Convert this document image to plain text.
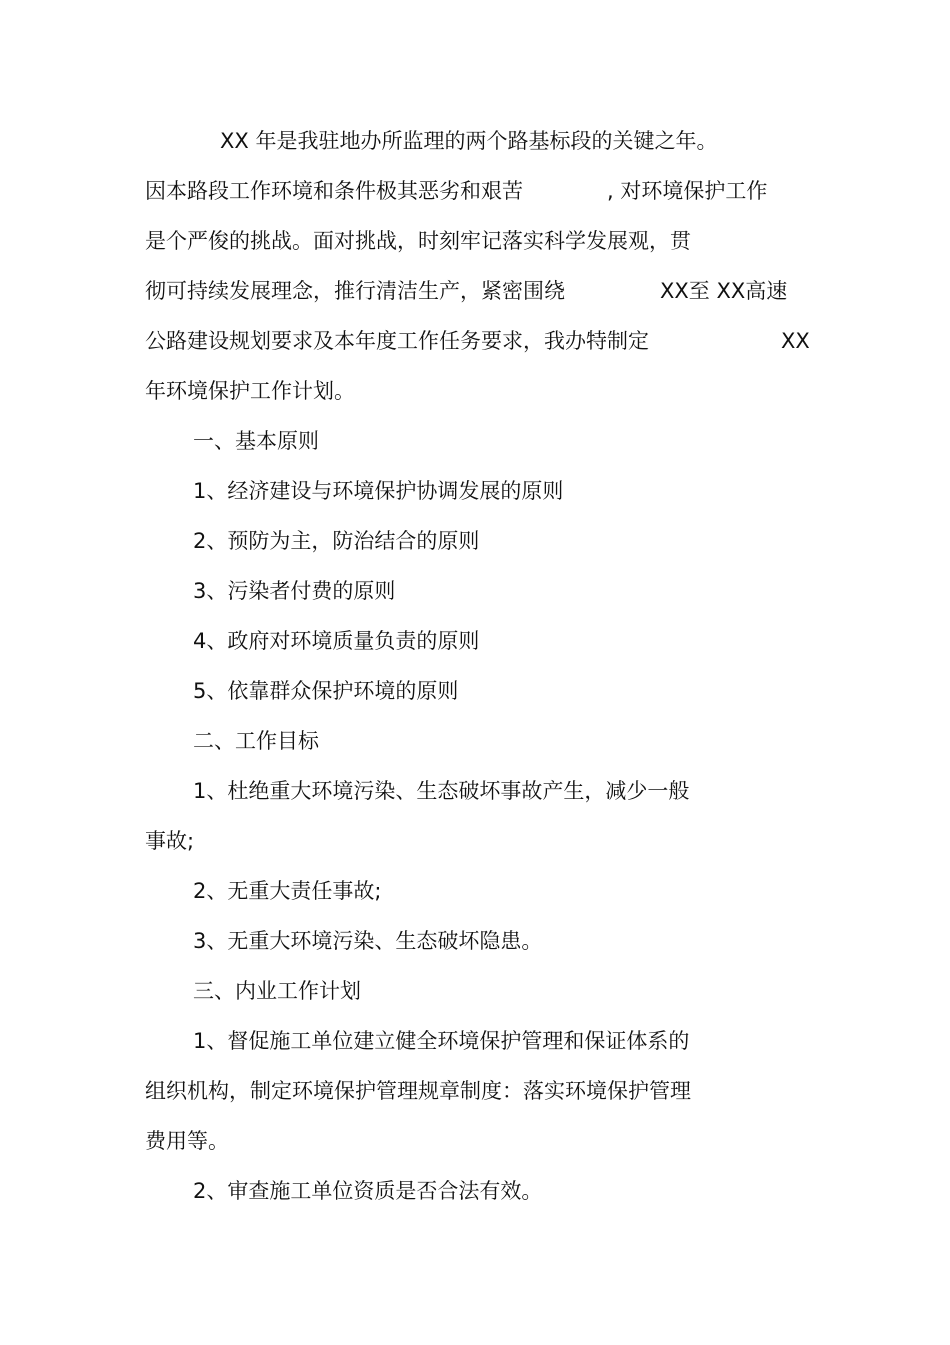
XX 年是我驻地办所监理的两个路基标段的关键之年。

因本路段工作环境和条件极其恶劣和艰苦

	, 对环境保护工作

是个严俊的挑战。面对挑战，时刻牢记落实科学发展观，贯

彻可持续发展理念，推行清洁生产，紧密围绕

	XX至 XX高速

公路建设规划要求及本年度工作任务要求，我办特制定

	XX

年环境保护工作计划。

一、基本原则

1、经济建设与环境保护协调发展的原则

2、预防为主，防治结合的原则

3、污染者付费的原则

4、政府对环境质量负责的原则

5、依靠群众保护环境的原则

二、工作目标

1、杜绝重大环境污染、生态破坏事故产生，减少一般

事故;

2、无重大责任事故;

3、无重大环境污染、生态破坏隐患。

三、内业工作计划

1、督促施工单位建立健全环境保护管理和保证体系的

组织机构，制定环境保护管理规章制度：落实环境保护管理

费用等。

2、审查施工单位资质是否合法有效。
